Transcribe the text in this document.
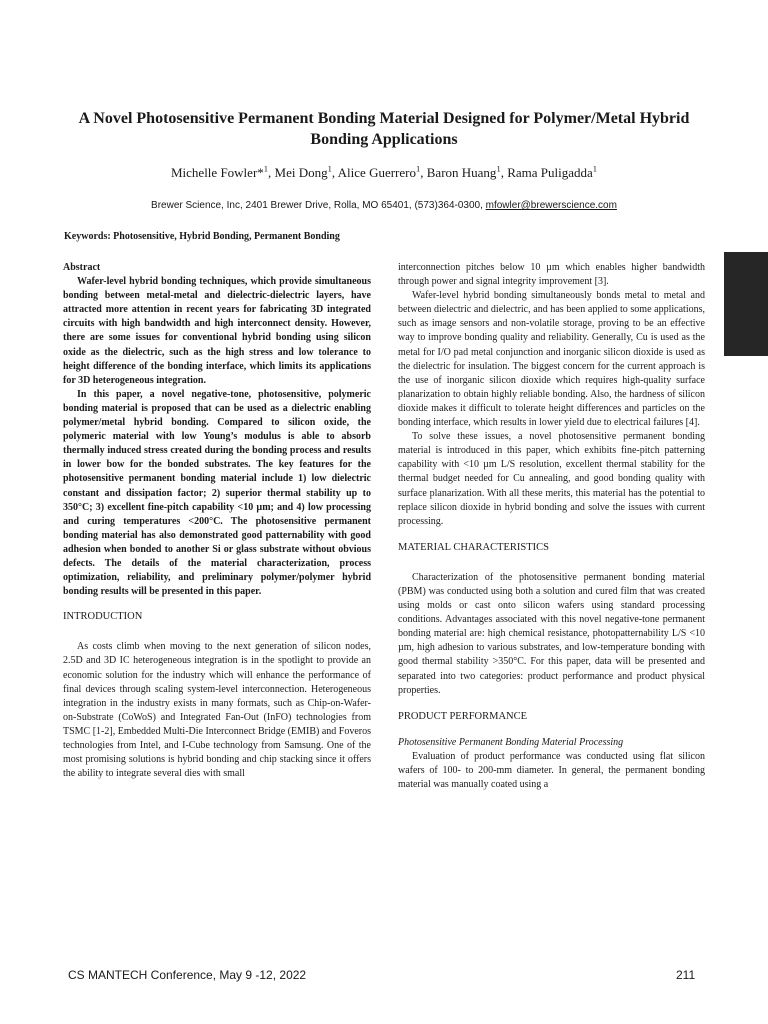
A Novel Photosensitive Permanent Bonding Material Designed for Polymer/Metal Hybrid Bonding Applications
Michelle Fowler*$^1$, Mei Dong$^1$, Alice Guerrero$^1$, Baron Huang$^1$, Rama Puligadda$^1$
Brewer Science, Inc, 2401 Brewer Drive, Rolla, MO 65401, (573)364-0300, mfowler@brewerscience.com
Keywords: Photosensitive, Hybrid Bonding, Permanent Bonding

Abstract

Wafer-level hybrid bonding techniques, which provide simultaneous bonding between metal-metal and dielectric-dielectric layers, have attracted more attention in recent years for fabricating 3D integrated circuits with high bandwidth and high interconnect density. However, there are some issues for conventional hybrid bonding using silicon oxide as the dielectric, such as the high stress and low tolerance to height difference of the bonding interface, which limits its applications for 3D heterogeneous integration.

In this paper, a novel negative-tone, photosensitive, polymeric bonding material is proposed that can be used as a dielectric enabling polymer/metal hybrid bonding. Compared to silicon oxide, the polymeric material with low Young’s modulus is able to absorb thermally induced stress created during the bonding process and results in lower bow for the bonded substrates. The key features for the photosensitive permanent bonding material include 1) low dielectric constant and dissipation factor; 2) superior thermal stability up to 350°C; 3) excellent fine-pitch capability <10 µm; and 4) low processing and curing temperatures <200°C. The photosensitive permanent bonding material has also demonstrated good patternability with good adhesion when bonded to another Si or glass substrate without obvious defects. The details of the material characterization, process optimization, reliability, and preliminary polymer/polymer hybrid bonding results will be presented in this paper.

INTRODUCTION

As costs climb when moving to the next generation of silicon nodes, 2.5D and 3D IC heterogeneous integration is in the spotlight to provide an economic solution for the industry which will enhance the performance of final devices through scaling system-level interconnection. Heterogeneous integration in the industry exists in many formats, such as Chip-on-Wafer-on-Substrate (CoWoS) and Integrated Fan-Out (InFO) technologies from TSMC [1-2], Embedded Multi-Die Interconnect Bridge (EMIB) and Foveros technologies from Intel, and I-Cube technology from Samsung. One of the most promising solutions is hybrid bonding and chip stacking since it offers the ability to integrate several dies with small

interconnection pitches below 10 µm which enables higher bandwidth through power and signal integrity improvement [3].

Wafer-level hybrid bonding simultaneously bonds metal to metal and between dielectric and dielectric, and has been applied to some applications, such as image sensors and non-volatile storage, proving to be an effective way to improve bonding quality and reliability. Generally, Cu is used as the metal for I/O pad metal conjunction and inorganic silicon dioxide is used as the dielectric for insulation. The biggest concern for the current approach is the use of inorganic silicon dioxide which requires high-quality surface planarization to obtain highly reliable bonding. Also, the hardness of silicon dioxide makes it difficult to tolerate height differences and particles on the bonding interface, which results in lower yield due to electrical failures [4].

To solve these issues, a novel photosensitive permanent bonding material is introduced in this paper, which exhibits fine-pitch patterning capability with <10 µm L/S resolution, excellent thermal stability for the thermal budget needed for Cu annealing, and good bonding quality with surface planarization. With all these merits, this material has the potential to replace silicon dioxide in hybrid bonding and solve the issues with current processing.

MATERIAL CHARACTERISTICS

Characterization of the photosensitive permanent bonding material (PBM) was conducted using both a solution and cured film that was created using molds or cast onto silicon wafers using standard processing conditions. Advantages associated with this novel negative-tone permanent bonding material are: high chemical resistance, photopatternability L/S <10 µm, high adhesion to various substrates, and low-temperature bonding with good thermal stability >350°C. For this paper, data will be presented and separated into two categories: product performance and product physical properties.

PRODUCT PERFORMANCE

Photosensitive Permanent Bonding Material Processing

Evaluation of product performance was conducted using flat silicon wafers of 100- to 200-mm diameter. In general, the permanent bonding material was manually coated using a

CS MANTECH Conference, May 9 -12, 2022	211
